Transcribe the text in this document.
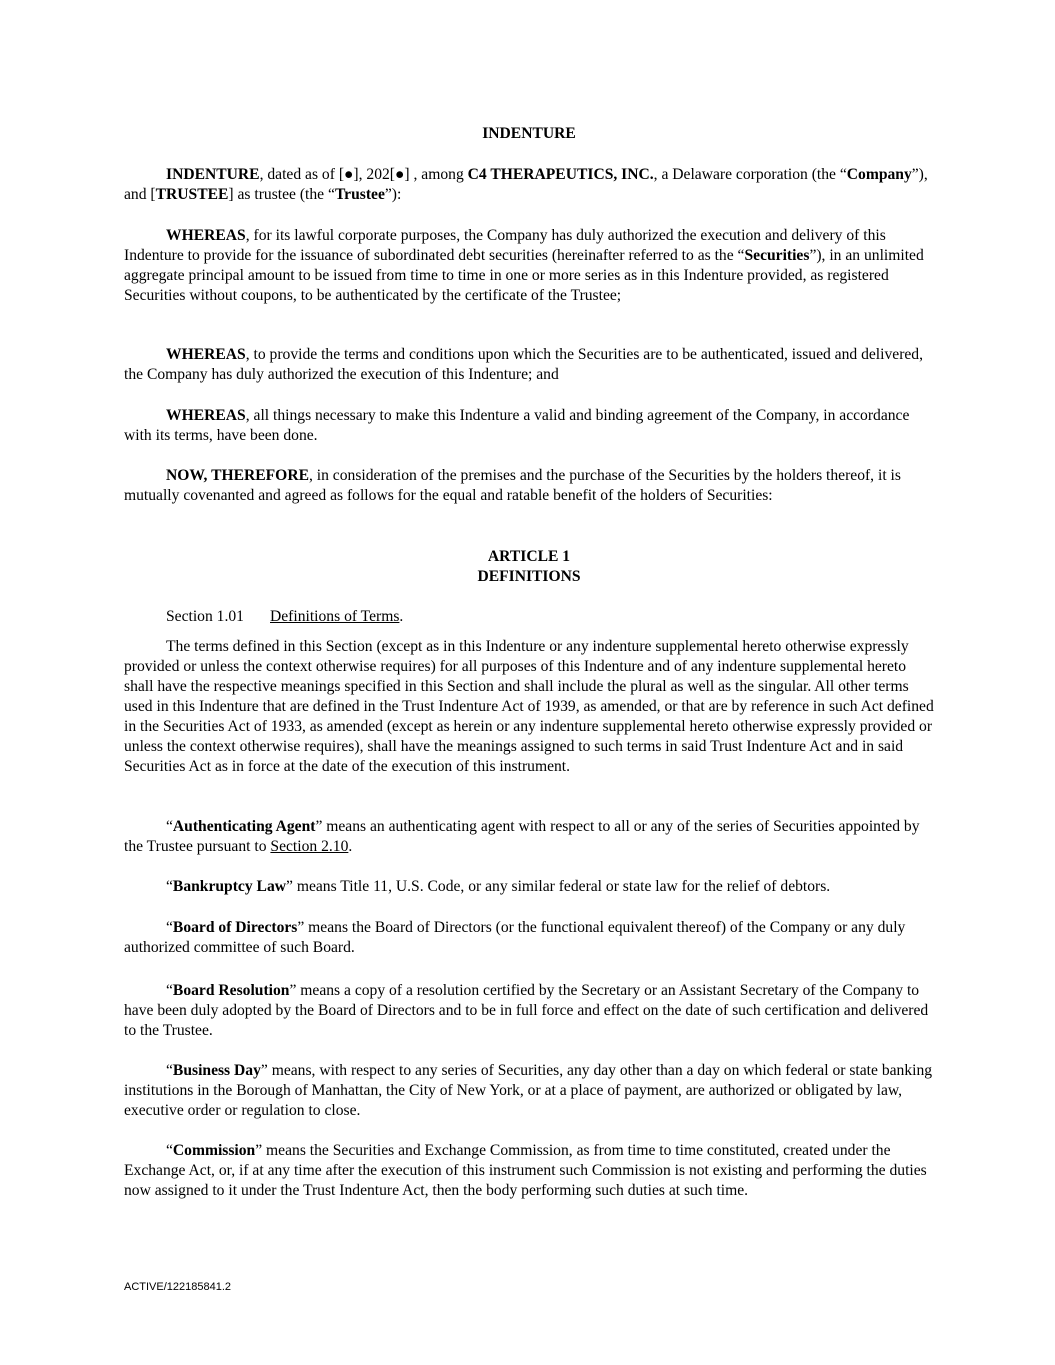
INDENTURE

INDENTURE, dated as of [●], 202[●] , among C4 THERAPEUTICS, INC., a Delaware corporation (the “Company”), and [TRUSTEE] as trustee (the “Trustee”):

WHEREAS, for its lawful corporate purposes, the Company has duly authorized the execution and delivery of this Indenture to provide for the issuance of subordinated debt securities (hereinafter referred to as the “Securities”), in an unlimited aggregate principal amount to be issued from time to time in one or more series as in this Indenture provided, as registered Securities without coupons, to be authenticated by the certificate of the Trustee;

WHEREAS, to provide the terms and conditions upon which the Securities are to be authenticated, issued and delivered, the Company has duly authorized the execution of this Indenture; and

WHEREAS, all things necessary to make this Indenture a valid and binding agreement of the Company, in accordance with its terms, have been done.

NOW, THEREFORE, in consideration of the premises and the purchase of the Securities by the holders thereof, it is mutually covenanted and agreed as follows for the equal and ratable benefit of the holders of Securities:

ARTICLE 1
DEFINITIONS

Section 1.01 Definitions of Terms.

The terms defined in this Section (except as in this Indenture or any indenture supplemental hereto otherwise expressly provided or unless the context otherwise requires) for all purposes of this Indenture and of any indenture supplemental hereto shall have the respective meanings specified in this Section and shall include the plural as well as the singular. All other terms used in this Indenture that are defined in the Trust Indenture Act of 1939, as amended, or that are by reference in such Act defined in the Securities Act of 1933, as amended (except as herein or any indenture supplemental hereto otherwise expressly provided or unless the context otherwise requires), shall have the meanings assigned to such terms in said Trust Indenture Act and in said Securities Act as in force at the date of the execution of this instrument.

“Authenticating Agent” means an authenticating agent with respect to all or any of the series of Securities appointed by the Trustee pursuant to Section 2.10.

“Bankruptcy Law” means Title 11, U.S. Code, or any similar federal or state law for the relief of debtors.

“Board of Directors” means the Board of Directors (or the functional equivalent thereof) of the Company or any duly authorized committee of such Board.

“Board Resolution” means a copy of a resolution certified by the Secretary or an Assistant Secretary of the Company to have been duly adopted by the Board of Directors and to be in full force and effect on the date of such certification and delivered to the Trustee.

“Business Day” means, with respect to any series of Securities, any day other than a day on which federal or state banking institutions in the Borough of Manhattan, the City of New York, or at a place of payment, are authorized or obligated by law, executive order or regulation to close.

“Commission” means the Securities and Exchange Commission, as from time to time constituted, created under the Exchange Act, or, if at any time after the execution of this instrument such Commission is not existing and performing the duties now assigned to it under the Trust Indenture Act, then the body performing such duties at such time.

ACTIVE/122185841.2
